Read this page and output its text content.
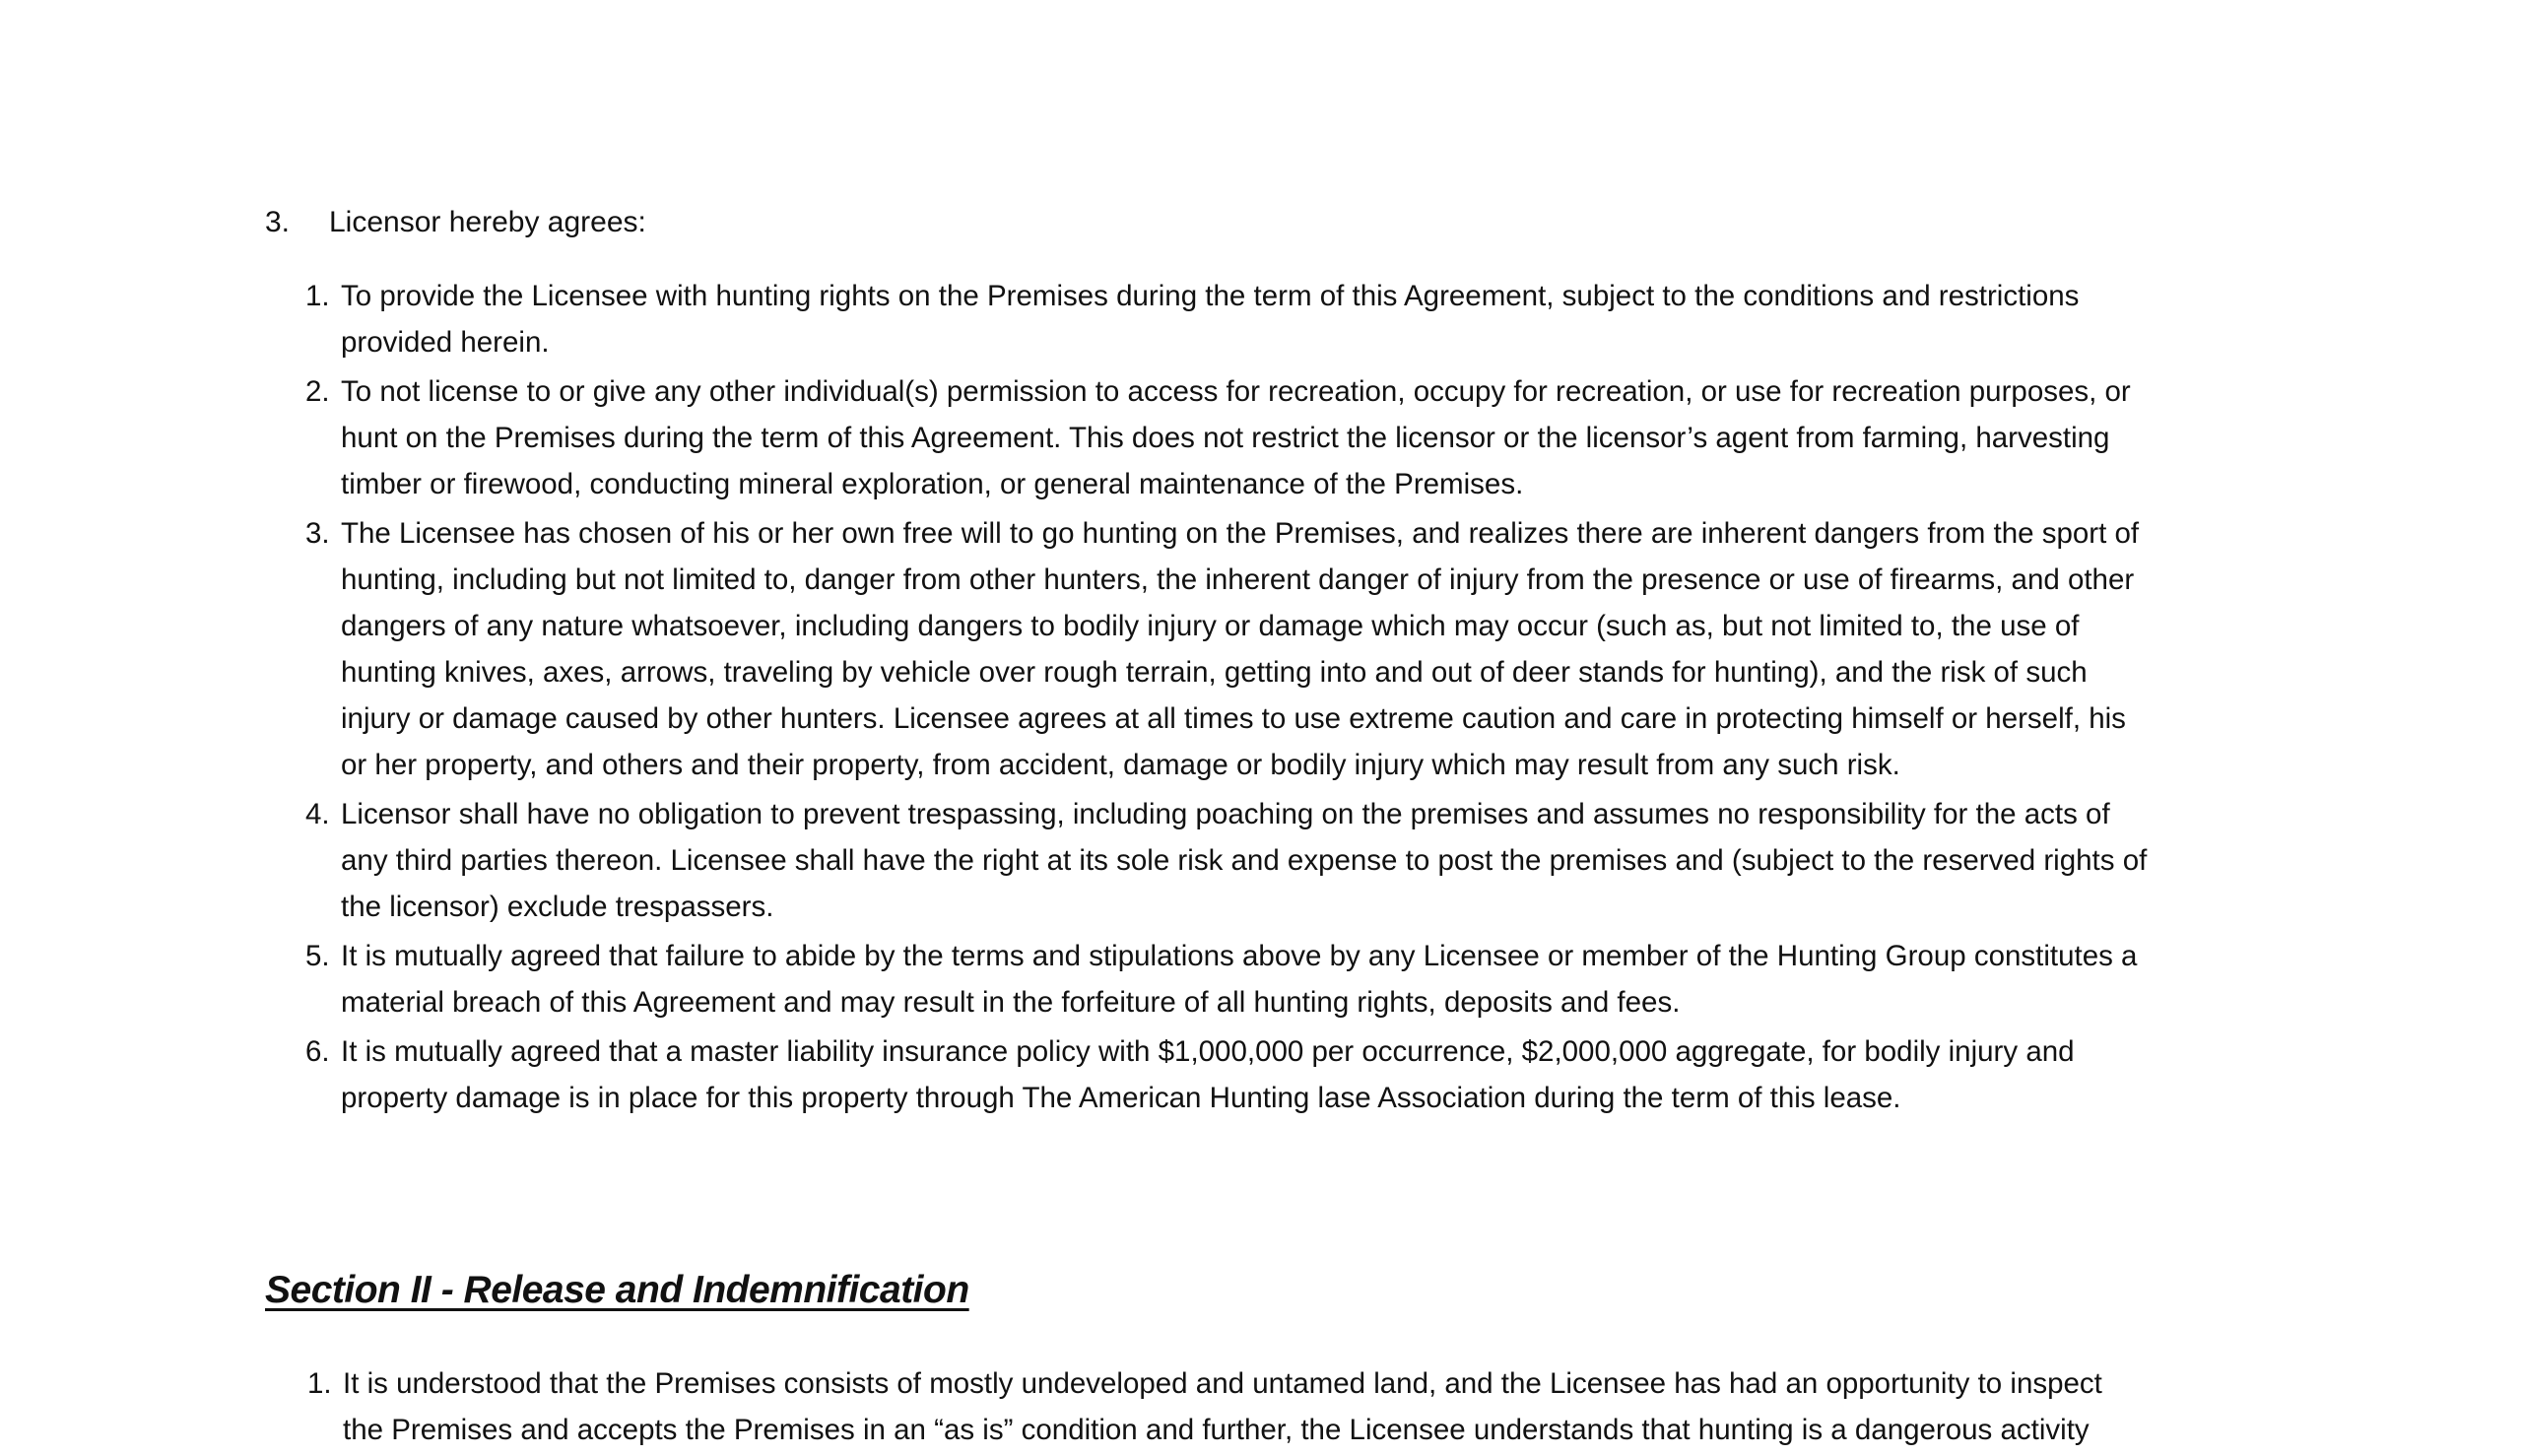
3. Licensor hereby agrees:
1. To provide the Licensee with hunting rights on the Premises during the term of this Agreement, subject to the conditions and restrictions
provided herein.
2. To not license to or give any other individual(s) permission to access for recreation, occupy for recreation, or use for recreation purposes, or
hunt on the Premises during the term of this Agreement. This does not restrict the licensor or the licensor’s agent from farming, harvesting
timber or firewood, conducting mineral exploration, or general maintenance of the Premises.
3. The Licensee has chosen of his or her own free will to go hunting on the Premises, and realizes there are inherent dangers from the sport of
hunting, including but not limited to, danger from other hunters, the inherent danger of injury from the presence or use of firearms, and other
dangers of any nature whatsoever, including dangers to bodily injury or damage which may occur (such as, but not limited to, the use of
hunting knives, axes, arrows, traveling by vehicle over rough terrain, getting into and out of deer stands for hunting), and the risk of such
injury or damage caused by other hunters. Licensee agrees at all times to use extreme caution and care in protecting himself or herself, his
or her property, and others and their property, from accident, damage or bodily injury which may result from any such risk.
4. Licensor shall have no obligation to prevent trespassing, including poaching on the premises and assumes no responsibility for the acts of
any third parties thereon. Licensee shall have the right at its sole risk and expense to post the premises and (subject to the reserved rights of
the licensor) exclude trespassers.
5. It is mutually agreed that failure to abide by the terms and stipulations above by any Licensee or member of the Hunting Group constitutes a
material breach of this Agreement and may result in the forfeiture of all hunting rights, deposits and fees.
6. It is mutually agreed that a master liability insurance policy with $1,000,000 per occurrence, $2,000,000 aggregate, for bodily injury and
property damage is in place for this property through The American Hunting lase Association during the term of this lease.
Section II - Release and Indemnification
1. It is understood that the Premises consists of mostly undeveloped and untamed land, and the Licensee has had an opportunity to inspect
the Premises and accepts the Premises in an “as is” condition and further, the Licensee understands that hunting is a dangerous activity
